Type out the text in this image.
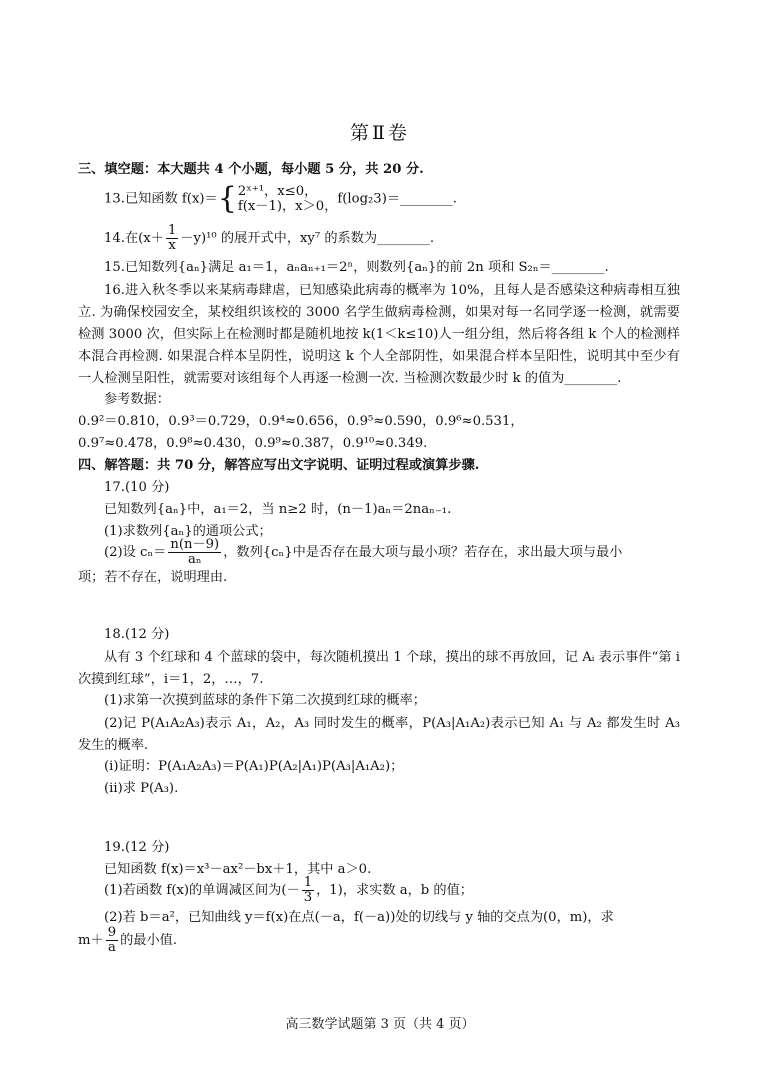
第Ⅱ卷
三、填空题：本大题共 4 个小题，每小题 5 分，共 20 分.
13.已知函数 f(x)＝{2ˣ⁺¹，x≤0，
f(x－1)，x＞0，f(log₂3)＝________.
14.在$(x+ \frac{1}{x} -y)^{10}$ 的展开式中，xy⁷ 的系数为________.
15.已知数列{aₙ}满足 a₁＝1，aₙaₙ₊₁＝2ⁿ，则数列{aₙ}的前 2n 项和 S₂ₙ＝________.
16.进入秋冬季以来某病毒肆虐，已知感染此病毒的概率为 10%，且每人是否感染这种病毒相互独立. 为确保校园安全，某校组织该校的 3000 名学生做病毒检测，如果对每一名同学逐一检测，就需要检测 3000 次，但实际上在检测时都是随机地按 k(1＜k≤10)人一组分组，然后将各组 k 个人的检测样本混合再检测. 如果混合样本呈阴性，说明这 k 个人全部阴性，如果混合样本呈阳性，说明其中至少有一人检测呈阳性，就需要对该组每个人再逐一检测一次. 当检测次数最少时 k 的值为________.
参考数据：
0.9²＝0.810，0.9³＝0.729，0.9⁴≈0.656，0.9⁵≈0.590，0.9⁶≈0.531，
0.9⁷≈0.478，0.9⁸≈0.430，0.9⁹≈0.387，0.9¹⁰≈0.349.
四、解答题：共 70 分，解答应写出文字说明、证明过程或演算步骤.
17.(10 分)
已知数列{aₙ}中，a₁＝2，当 n≥2 时，(n－1)aₙ＝2naₙ₋₁.
(1)求数列{aₙ}的通项公式；
(2)设 $c_n= \frac{n(n-9)}{\text{aₙ}}$ ，数列{cₙ}中是否存在最大项与最小项？若存在，求出最大项与最小
项；若不存在，说明理由.
18.(12 分)
从有 3 个红球和 4 个蓝球的袋中，每次随机摸出 1 个球，摸出的球不再放回，记 Aᵢ 表示事件“第 i 次摸到红球”，i＝1，2，…，7.
(1)求第一次摸到蓝球的条件下第二次摸到红球的概率；
(2)记 P(A₁A₂A₃)表示 A₁，A₂，A₃ 同时发生的概率，P(A₃|A₁A₂)表示已知 A₁ 与 A₂ 都发生时 A₃ 发生的概率.
(ⅰ)证明：P(A₁A₂A₃)＝P(A₁)P(A₂|A₁)P(A₃|A₁A₂)；
(ⅱ)求 P(A₃).
19.(12 分)
已知函数 f(x)＝x³－ax²－bx＋1，其中 a＞0.
(1)若函数 f(x)的单调减区间为(－ $\frac{1}{3}$ ，1)，求实数 a，b 的值；
(2)若 b＝a²，已知曲线 y＝f(x)在点(－a，f(－a))处的切线与 y 轴的交点为(0，m)，求
$m+ \frac{9}{a}$ 的最小值.
高三数学试题第 3 页（共 4 页）
